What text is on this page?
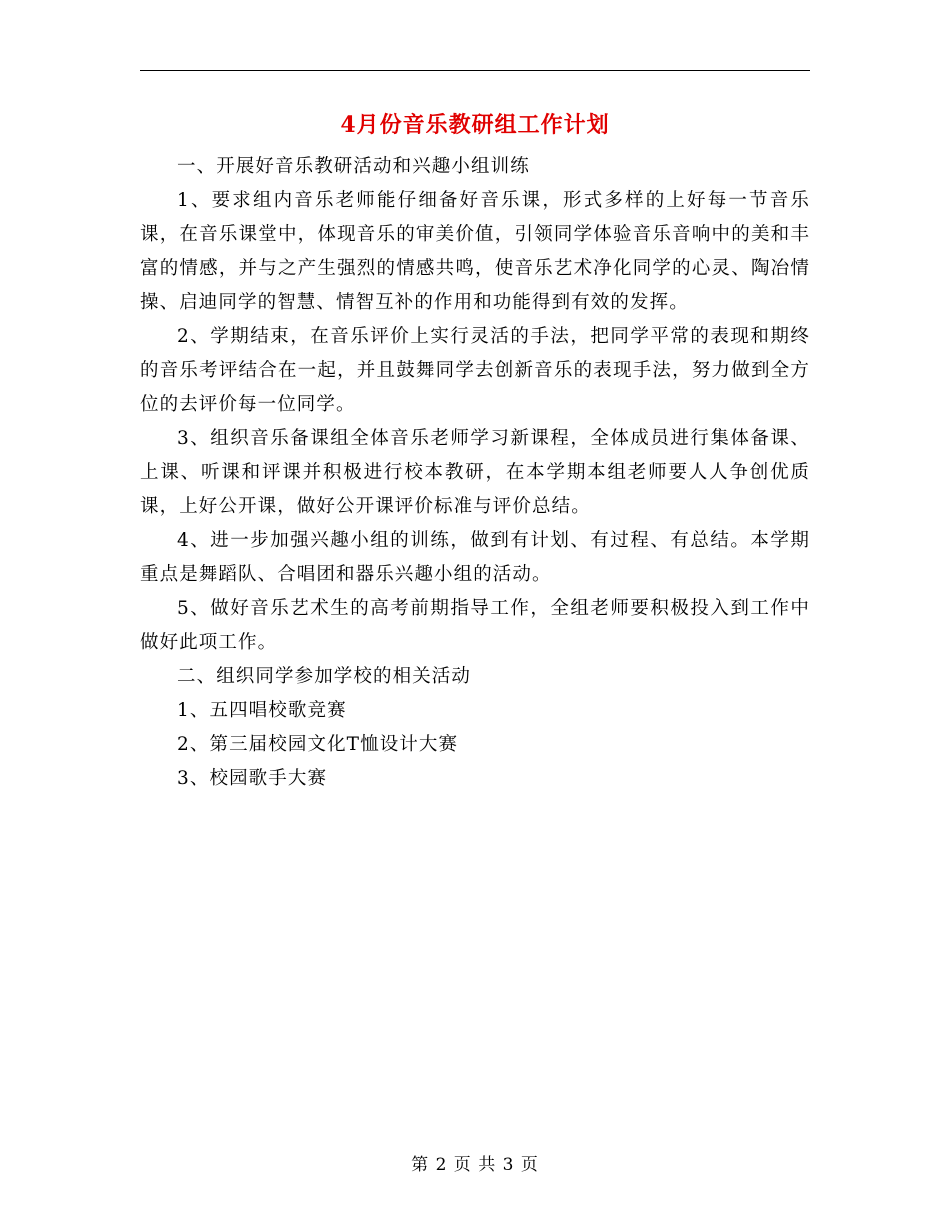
4月份音乐教研组工作计划

一、开展好音乐教研活动和兴趣小组训练

1、要求组内音乐老师能仔细备好音乐课，形式多样的上好每一节音乐课，在音乐课堂中，体现音乐的审美价值，引领同学体验音乐音响中的美和丰富的情感，并与之产生强烈的情感共鸣，使音乐艺术净化同学的心灵、陶冶情操、启迪同学的智慧、情智互补的作用和功能得到有效的发挥。

2、学期结束，在音乐评价上实行灵活的手法，把同学平常的表现和期终的音乐考评结合在一起，并且鼓舞同学去创新音乐的表现手法，努力做到全方位的去评价每一位同学。

3、组织音乐备课组全体音乐老师学习新课程，全体成员进行集体备课、上课、听课和评课并积极进行校本教研，在本学期本组老师要人人争创优质课，上好公开课，做好公开课评价标准与评价总结。

4、进一步加强兴趣小组的训练，做到有计划、有过程、有总结。本学期重点是舞蹈队、合唱团和器乐兴趣小组的活动。

5、做好音乐艺术生的高考前期指导工作，全组老师要积极投入到工作中做好此项工作。

二、组织同学参加学校的相关活动

1、五四唱校歌竞赛

2、第三届校园文化T恤设计大赛

3、校园歌手大赛

第 2 页 共 3 页
